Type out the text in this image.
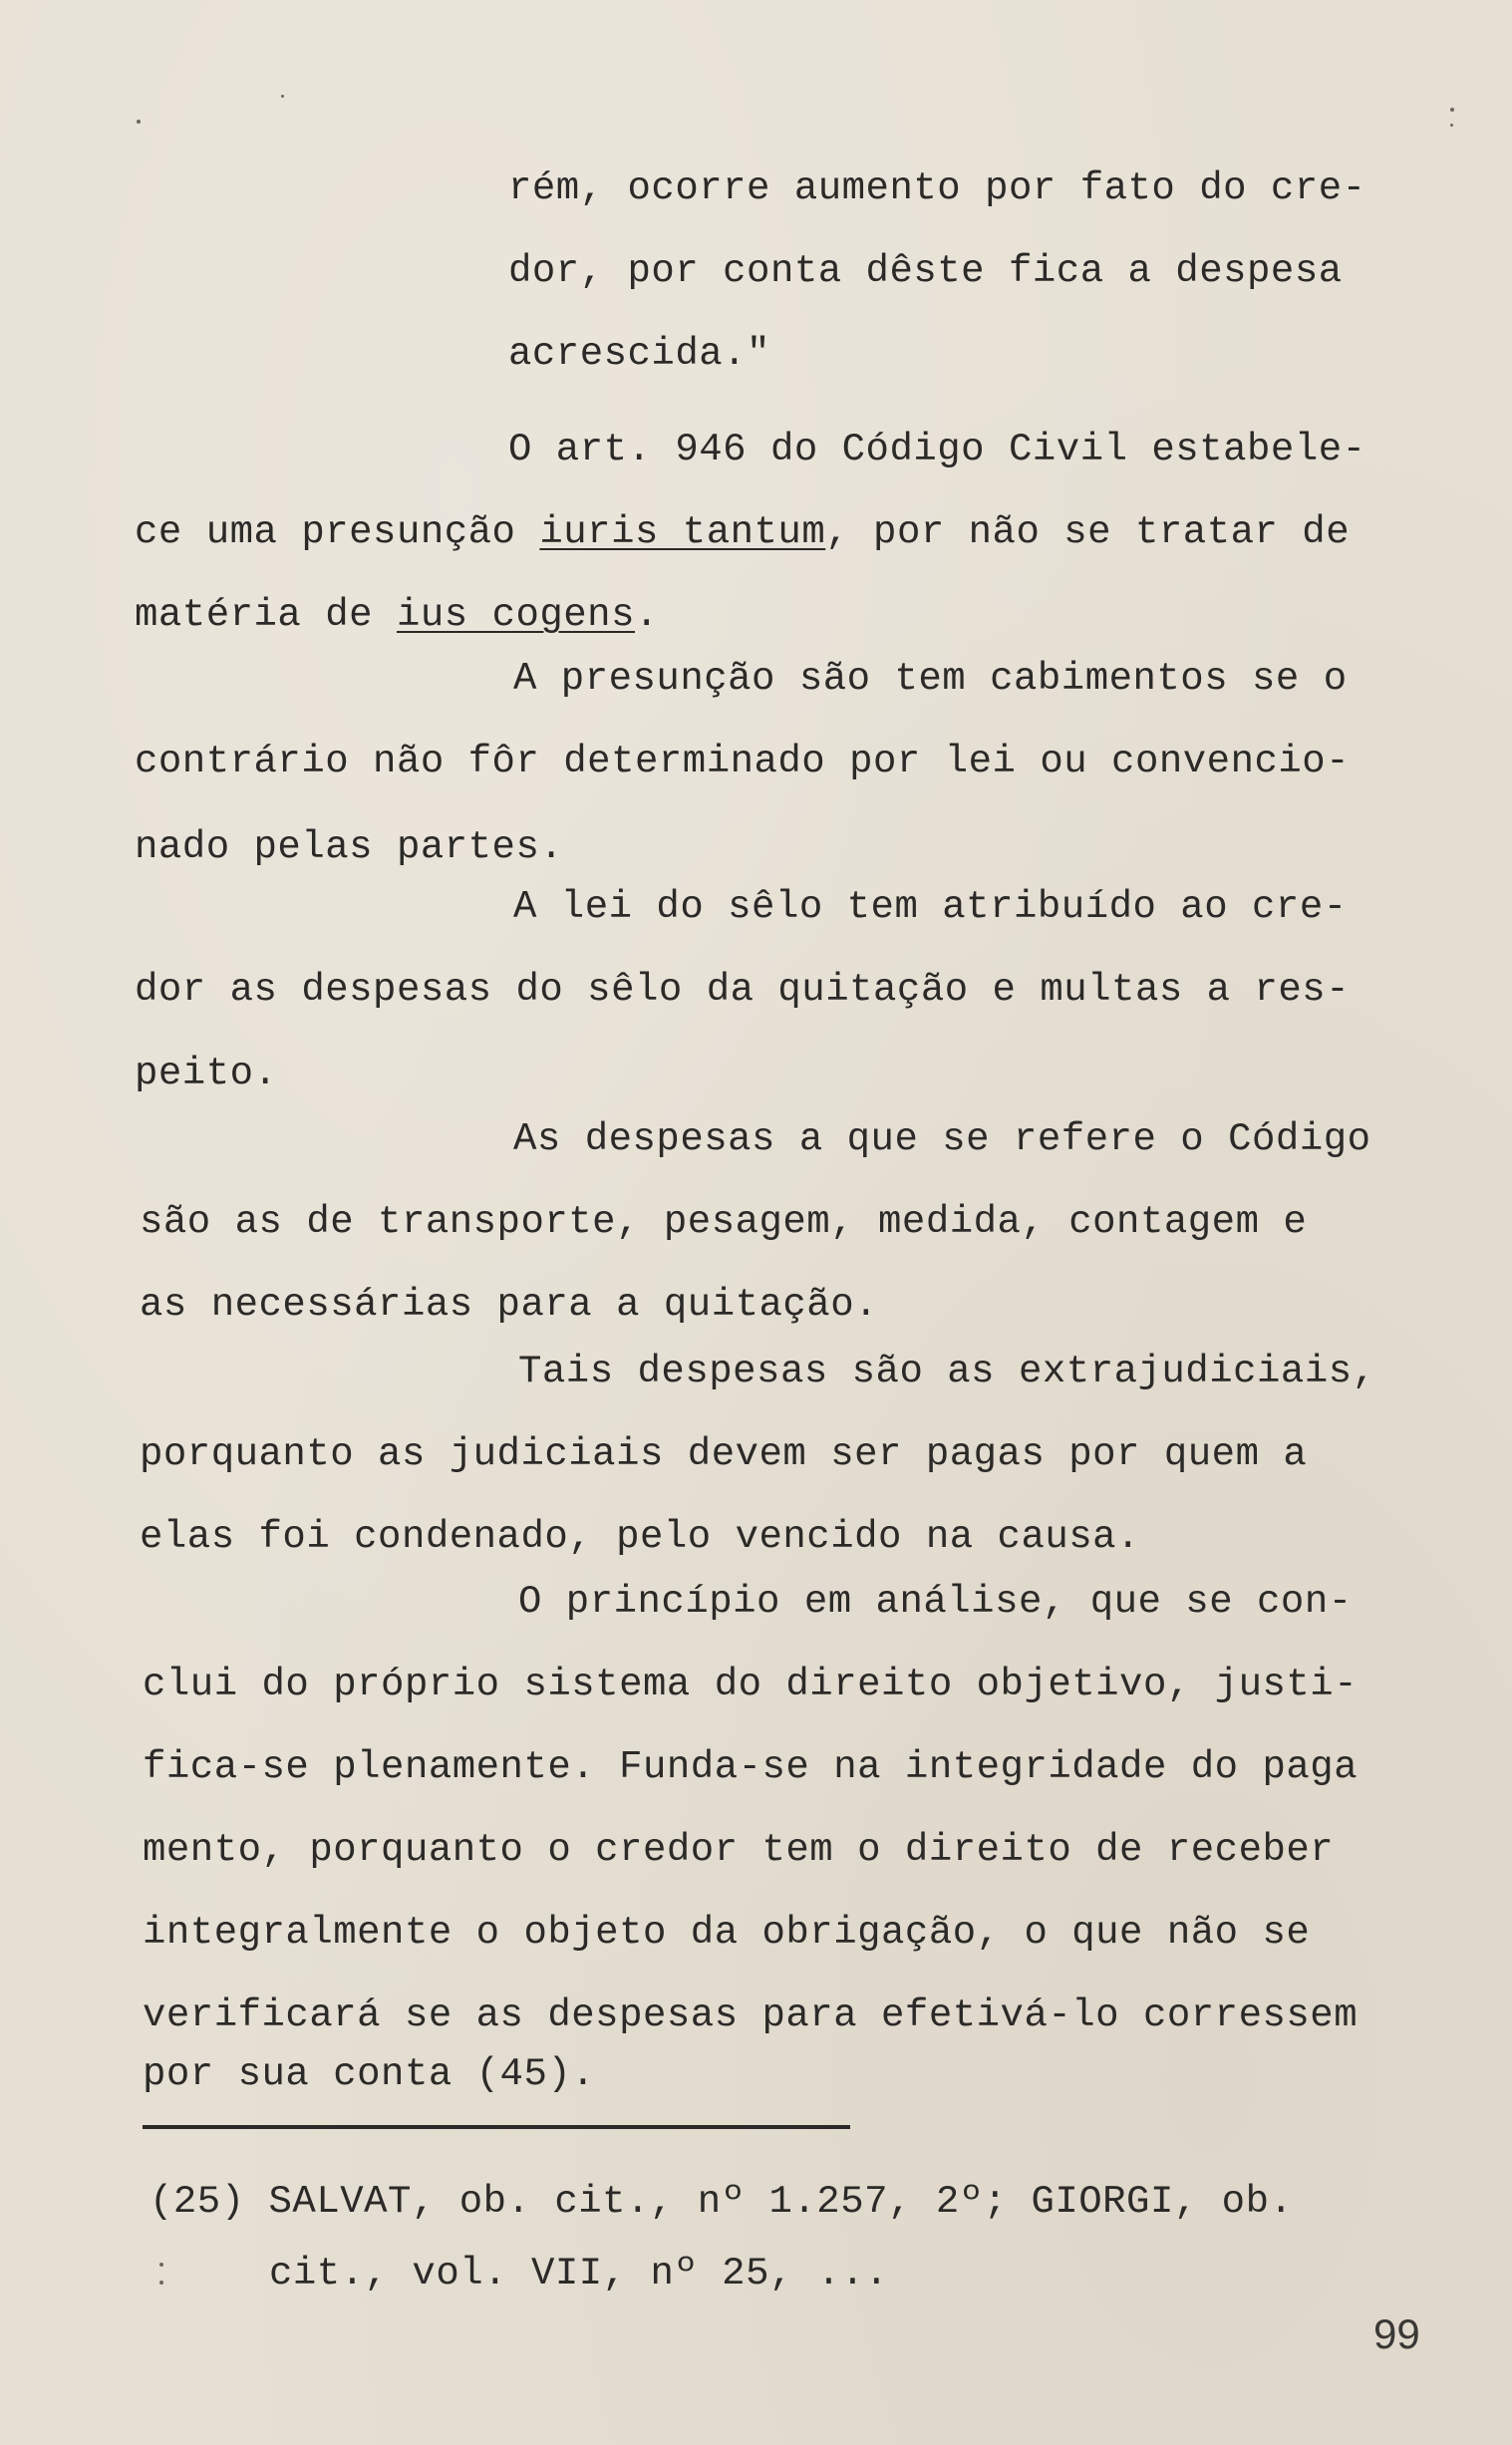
rém, ocorre aumento por fato do cre-
dor, por conta dêste fica a despesa
acrescida."
O art. 946 do Código Civil estabele-
ce uma presunção iuris tantum, por não se tratar de
matéria de ius cogens.
A presunção são tem cabimentos se o
contrário não fôr determinado por lei ou convencio-
nado pelas partes.
A lei do sêlo tem atribuído ao cre-
dor as despesas do sêlo da quitação e multas a res-
peito.
As despesas a que se refere o Código
são as de transporte, pesagem, medida, contagem e
as necessárias para a quitação.
Tais despesas são as extrajudiciais,
porquanto as judiciais devem ser pagas por quem a
elas foi condenado, pelo vencido na causa.
O princípio em análise, que se con-
clui do próprio sistema do direito objetivo, justi-
fica-se plenamente. Funda-se na integridade do paga
mento, porquanto o credor tem o direito de receber
integralmente o objeto da obrigação, o que não se
verificará se as despesas para efetivá-lo corressem
por sua conta (45).
(25) SALVAT, ob. cit., nº 1.257, 2º; GIORGI, ob.
cit., vol. VII, nº 25, ...
99
